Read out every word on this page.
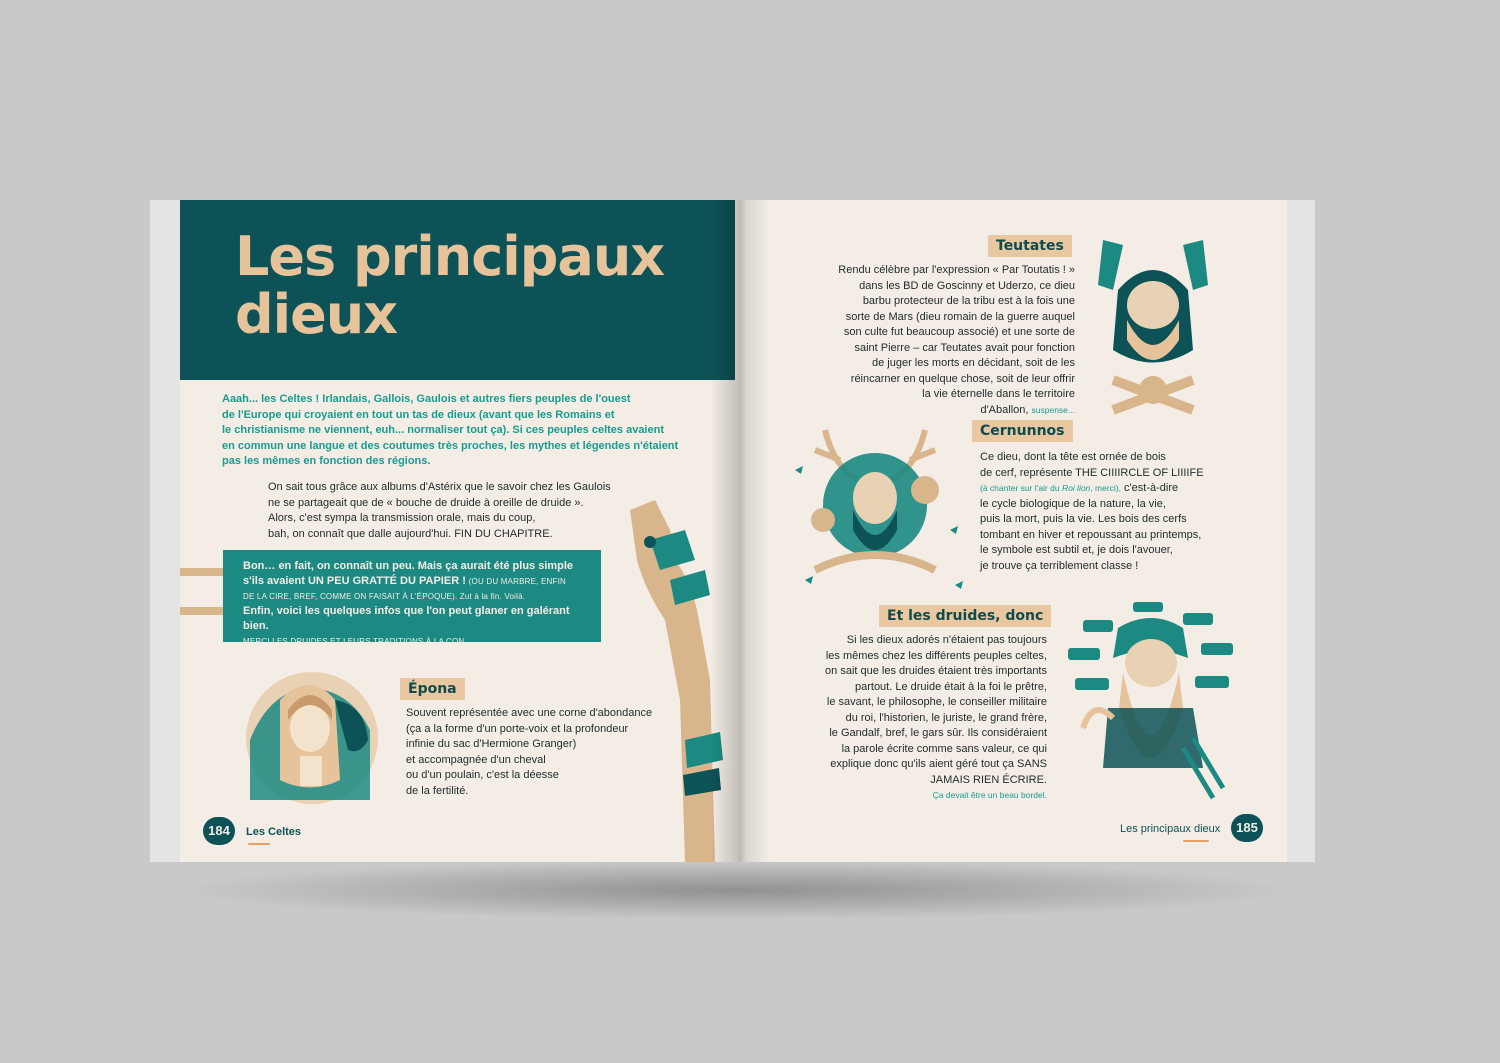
Les principaux
dieux
Aaah... les Celtes ! Irlandais, Gallois, Gaulois et autres fiers peuples de l'ouest
de l'Europe qui croyaient en tout un tas de dieux (avant que les Romains et
le christianisme ne viennent, euh... normaliser tout ça). Si ces peuples celtes avaient
en commun une langue et des coutumes très proches, les mythes et légendes n'étaient
pas les mêmes en fonction des régions.
On sait tous grâce aux albums d'Astérix que le savoir chez les Gaulois
ne se partageait que de « bouche de druide à oreille de druide ».
Alors, c'est sympa la transmission orale, mais du coup,
bah, on connaît que dalle aujourd'hui. FIN DU CHAPITRE.
Bon… en fait, on connaît un peu. Mais ça aurait été plus simple
s'ils avaient UN PEU GRATTÉ DU PAPIER ! (OU DU MARBRE, ENFIN
DE LA CIRE, BREF, COMME ON FAISAIT À L'ÉPOQUE). Zut à la fin. Voilà.
Enfin, voici les quelques infos que l'on peut glaner en galérant bien.
MERCI LES DRUIDES ET LEURS TRADITIONS À LA CON.
Épona
Souvent représentée avec une corne d'abondance
(ça a la forme d'un porte-voix et la profondeur
infinie du sac d'Hermione Granger)
et accompagnée d'un cheval
ou d'un poulain, c'est la déesse
de la fertilité.
184	Les Celtes
Teutates
Rendu célèbre par l'expression « Par Toutatis ! »
dans les BD de Goscinny et Uderzo, ce dieu
barbu protecteur de la tribu est à la fois une
sorte de Mars (dieu romain de la guerre auquel
son culte fut beaucoup associé) et une sorte de
saint Pierre – car Teutates avait pour fonction
de juger les morts en décidant, soit de les
réincarner en quelque chose, soit de leur offrir
la vie éternelle dans le territoire
d'Aballon, suspense...
Cernunnos
Ce dieu, dont la tête est ornée de bois
de cerf, représente THE CIIIIRCLE OF LIIIIFE
(à chanter sur l'air du Roi lion, merci), c'est-à-dire
le cycle biologique de la nature, la vie,
puis la mort, puis la vie. Les bois des cerfs
tombant en hiver et repoussant au printemps,
le symbole est subtil et, je dois l'avouer,
je trouve ça terriblement classe !
Et les druides, donc
Si les dieux adorés n'étaient pas toujours
les mêmes chez les différents peuples celtes,
on sait que les druides étaient très importants
partout. Le druide était à la foi le prêtre,
le savant, le philosophe, le conseiller militaire
du roi, l'historien, le juriste, le grand frère,
le Gandalf, bref, le gars sûr. Ils considéraient
la parole écrite comme sans valeur, ce qui
explique donc qu'ils aient géré tout ça SANS
JAMAIS RIEN ÉCRIRE.
Ça devait être un beau bordel.
Les principaux dieux	185
